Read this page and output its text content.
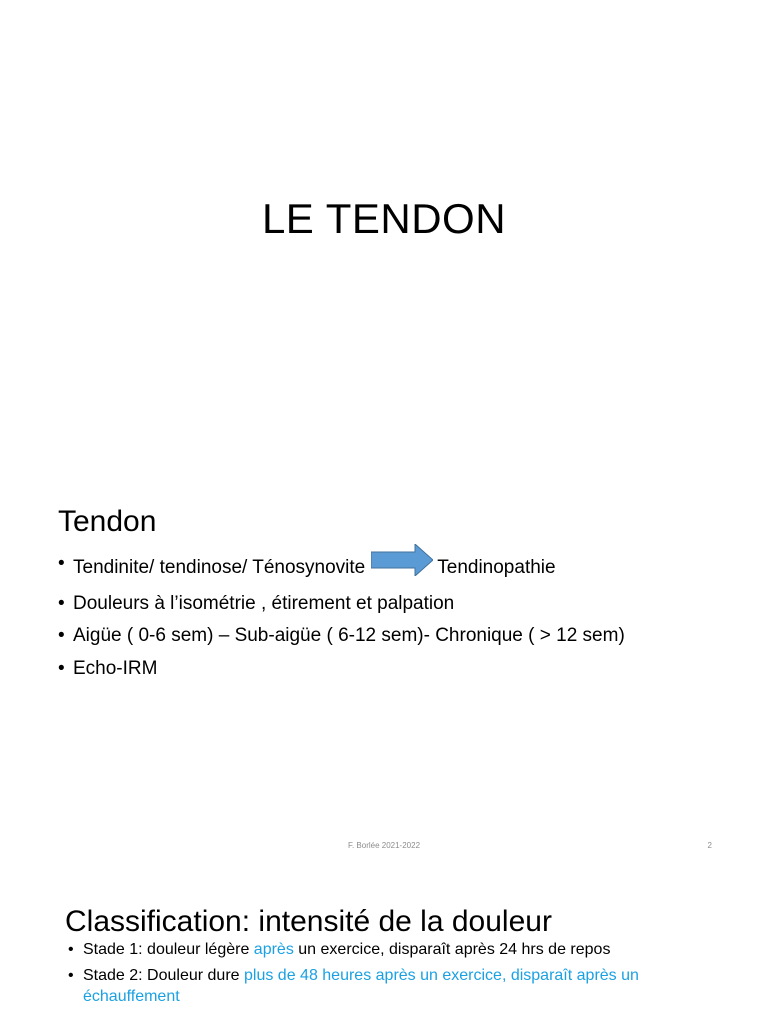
LE TENDON
Tendon
• Tendinite/ tendinose/ Ténosynovite	Tendinopathie
• Douleurs à l’isométrie , étirement et palpation
• Aigüe ( 0-6 sem) – Sub-aigüe ( 6-12 sem)- Chronique ( > 12 sem)
• Echo-IRM
F. Borlée 2021-2022	2
Classification: intensité de la douleur
• Stade 1: douleur légère après un exercice, disparaît après 24 hrs de repos
• Stade 2: Douleur dure plus de 48 heures après un exercice, disparaît après un échauffement
